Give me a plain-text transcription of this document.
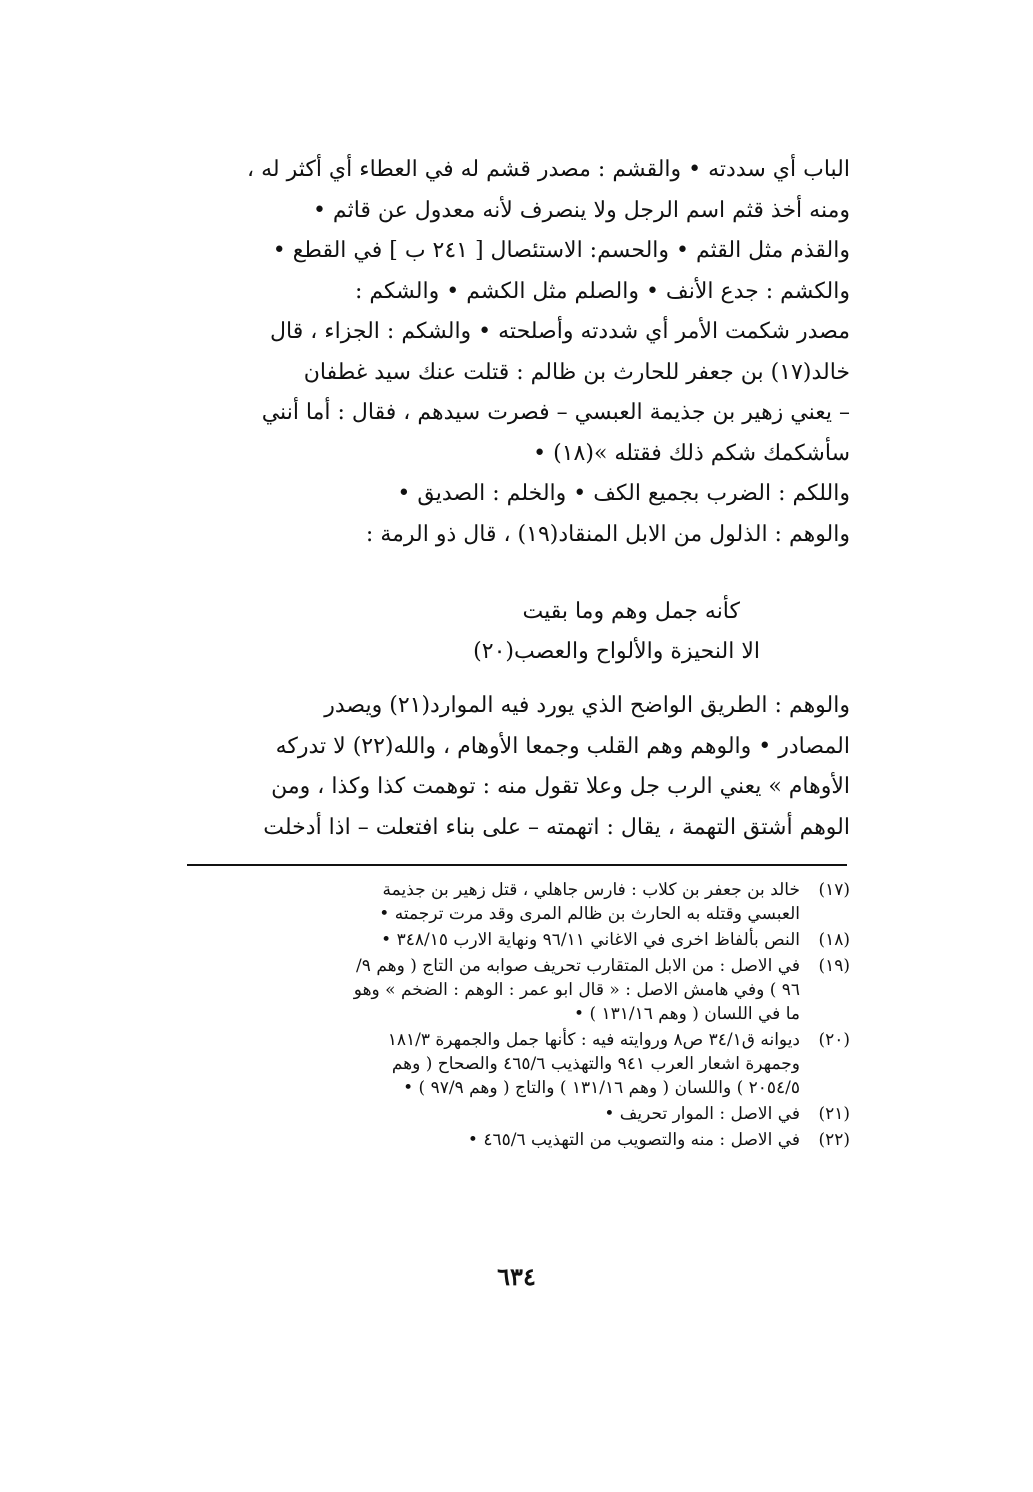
الباب أي سددته • والقشم : مصدر قشم له في العطاء أي أكثر له ،
ومنه أخذ قثم اسم الرجل ولا ينصرف لأنه معدول عن قاثم •
والقذم مثل القثم • والحسم: الاستئصال [ ٢٤١ ب ] في القطع •
والكشم : جدع الأنف • والصلم مثل الكشم • والشكم :
مصدر شكمت الأمر أي شددته وأصلحته • والشكم : الجزاء ، قال
خالد(١٧) بن جعفر للحارث بن ظالم : قتلت عنك سيد غطفان
– يعني زهير بن جذيمة العبسي – فصرت سيدهم ، فقال : أما أنني
سأشكمك شكم ذلك فقتله »(١٨) •
واللكم : الضرب بجميع الكف • والخلم : الصديق •
والوهم : الذلول من الابل المنقاد(١٩) ، قال ذو الرمة :
كأنه جمل وهم وما بقيت
الا النحيزة والألواح والعصب(٢٠)
والوهم : الطريق الواضح الذي يورد فيه الموارد(٢١) ويصدر
المصادر • والوهم وهم القلب وجمعا الأوهام ، والله(٢٢) لا تدركه
الأوهام » يعني الرب جل وعلا تقول منه : توهمت كذا وكذا ، ومن
الوهم أشتق التهمة ، يقال : اتهمته – على بناء افتعلت – اذا أدخلت
(١٧)
خالد بن جعفر بن كلاب : فارس جاهلي ، قتل زهير بن جذيمة
العبسي وقتله به الحارث بن ظالم المرى وقد مرت ترجمته •
(١٨)
النص بألفاظ اخرى في الاغاني ٩٦/١١ ونهاية الارب ٣٤٨/١٥ •
(١٩)
في الاصل : من الابل المتقارب تحريف صوابه من التاج ( وهم ٩/
٩٦ ) وفي هامش الاصل : « قال ابو عمر : الوهم : الضخم » وهو
ما في اللسان ( وهم ١٣١/١٦ ) •
(٢٠)
ديوانه ق٣٤/١ ص٨ وروايته فيه : كأنها جمل والجمهرة ١٨١/٣
وجمهرة اشعار العرب ٩٤١ والتهذيب ٤٦٥/٦ والصحاح ( وهم
٢٠٥٤/٥ ) واللسان ( وهم ١٣١/١٦ ) والتاج ( وهم ٩٧/٩ ) •
(٢١)
في الاصل : الموار تحريف •
(٢٢)
في الاصل : منه والتصويب من التهذيب ٤٦٥/٦ •
٦٣٤
